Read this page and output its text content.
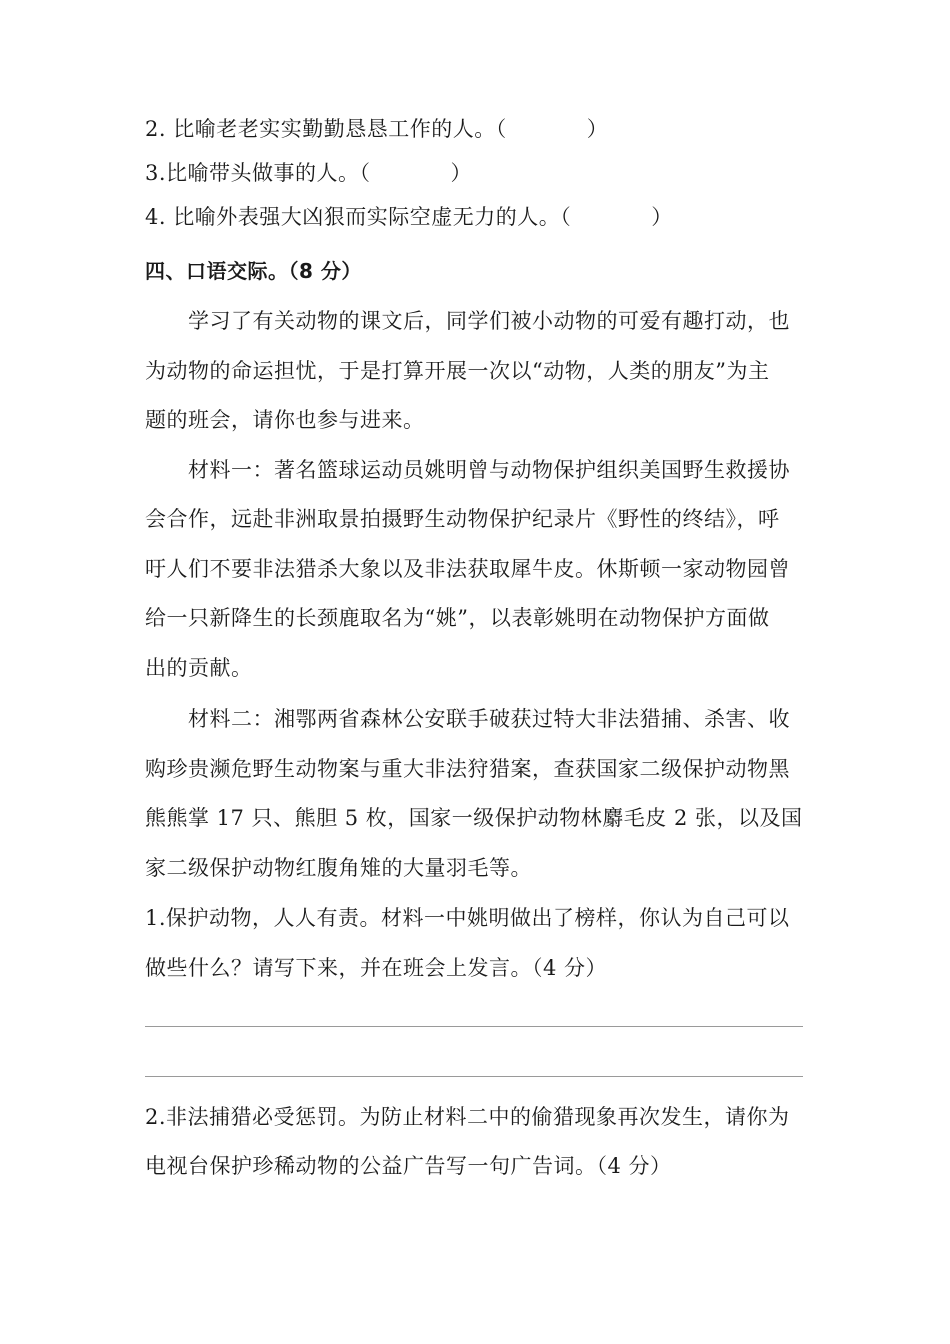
2. 比喻老老实实勤勤恳恳工作的人。（	）
3.比喻带头做事的人。（	）
4. 比喻外表强大凶狠而实际空虚无力的人。（	）
四、口语交际。（8 分）
学习了有关动物的课文后，同学们被小动物的可爱有趣打动，也
为动物的命运担忧，于是打算开展一次以“动物，人类的朋友”为主
题的班会，请你也参与进来。
材料一：著名篮球运动员姚明曾与动物保护组织美国野生救援协
会合作，远赴非洲取景拍摄野生动物保护纪录片《野性的终结》，呼
吁人们不要非法猎杀大象以及非法获取犀牛皮。休斯顿一家动物园曾
给一只新降生的长颈鹿取名为“姚”，以表彰姚明在动物保护方面做
出的贡献。
材料二：湘鄂两省森林公安联手破获过特大非法猎捕、杀害、收
购珍贵濒危野生动物案与重大非法狩猎案，查获国家二级保护动物黑
熊熊掌 17 只、熊胆 5 枚，国家一级保护动物林麝毛皮 2 张，以及国
家二级保护动物红腹角雉的大量羽毛等。
1.保护动物，人人有责。材料一中姚明做出了榜样，你认为自己可以
做些什么？请写下来，并在班会上发言。（4 分）
2.非法捕猎必受惩罚。为防止材料二中的偷猎现象再次发生，请你为
电视台保护珍稀动物的公益广告写一句广告词。（4 分）
